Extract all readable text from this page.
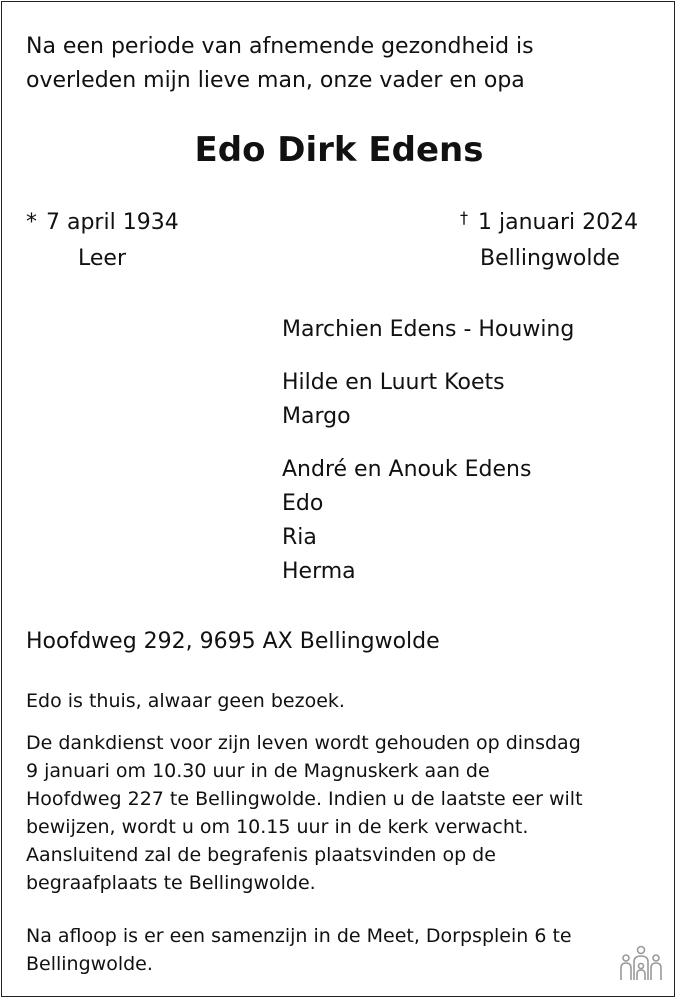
Na een periode van afnemende gezondheid is
overleden mijn lieve man, onze vader en opa
Edo Dirk Edens
* 7 april 1934
Leer
† 1 januari 2024
Bellingwolde
Marchien Edens - Houwing
Hilde en Luurt Koets
Margo
André en Anouk Edens
Edo
Ria
Herma
Hoofdweg 292, 9695 AX Bellingwolde
Edo is thuis, alwaar geen bezoek.
De dankdienst voor zijn leven wordt gehouden op dinsdag
9 januari om 10.30 uur in de Magnuskerk aan de
Hoofdweg 227 te Bellingwolde. Indien u de laatste eer wilt
bewijzen, wordt u om 10.15 uur in de kerk verwacht.
Aansluitend zal de begrafenis plaatsvinden op de
begraafplaats te Bellingwolde.
Na afloop is er een samenzijn in de Meet, Dorpsplein 6 te
Bellingwolde.
